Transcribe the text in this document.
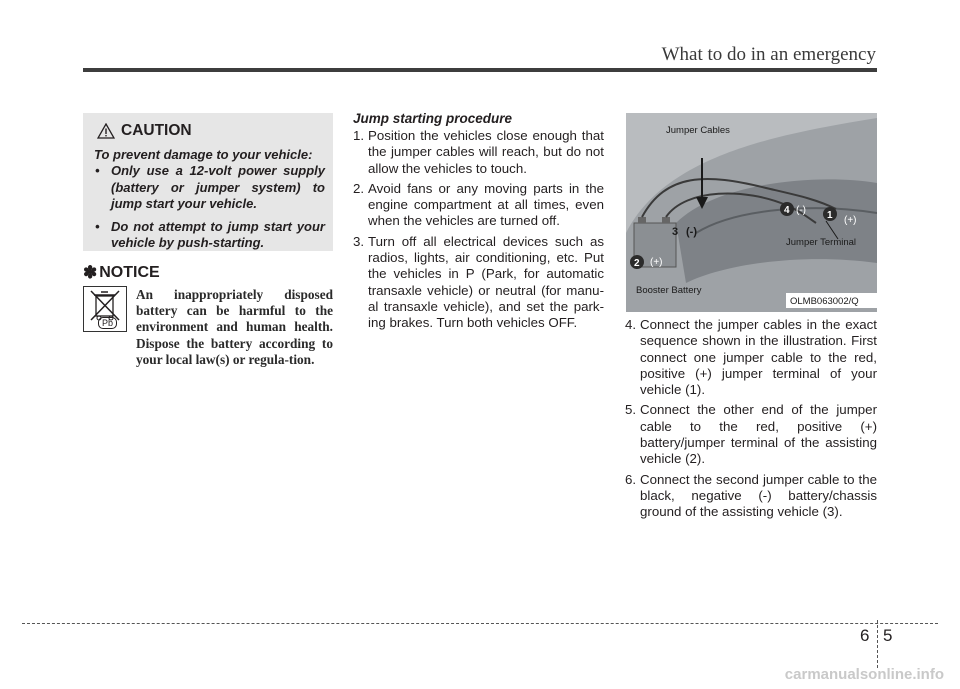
What to do in an emergency
CAUTION
To prevent damage to your vehicle:
• Only use a 12-volt power supply (battery or jumper system) to jump start your vehicle.
• Do not attempt to jump start your vehicle by push-starting.
✽ NOTICE
Pb
An inappropriately disposed battery can be harmful to the environment and human health. Dispose the battery according to your local law(s) or regula-tion.
Jump starting procedure
1. Position the vehicles close enough that the jumper cables will reach, but do not allow the vehicles to touch.
2. Avoid fans or any moving parts in the engine compartment at all times, even when the vehicles are turned off.
3. Turn off all electrical devices such as radios, lights, air conditioning, etc. Put the vehicles in P (Park, for automatic transaxle vehicle) or neutral (for manu-al transaxle vehicle), and set the park-ing brakes. Turn both vehicles OFF.
Jumper Cables
Jumper Terminal
Booster Battery
OLMB063002/Q
4	1
2
3 (-)
(-)
(+)
(+)
4. Connect the jumper cables in the exact sequence shown in the illustration. First connect one jumper cable to the red, positive (+) jumper terminal of your vehicle (1).
5. Connect the other end of the jumper cable to the red, positive (+) battery/jumper terminal of the assisting vehicle (2).
6. Connect the second jumper cable to the black, negative (-) battery/chassis ground of the assisting vehicle (3).
6 5
carmanualsonline.info
